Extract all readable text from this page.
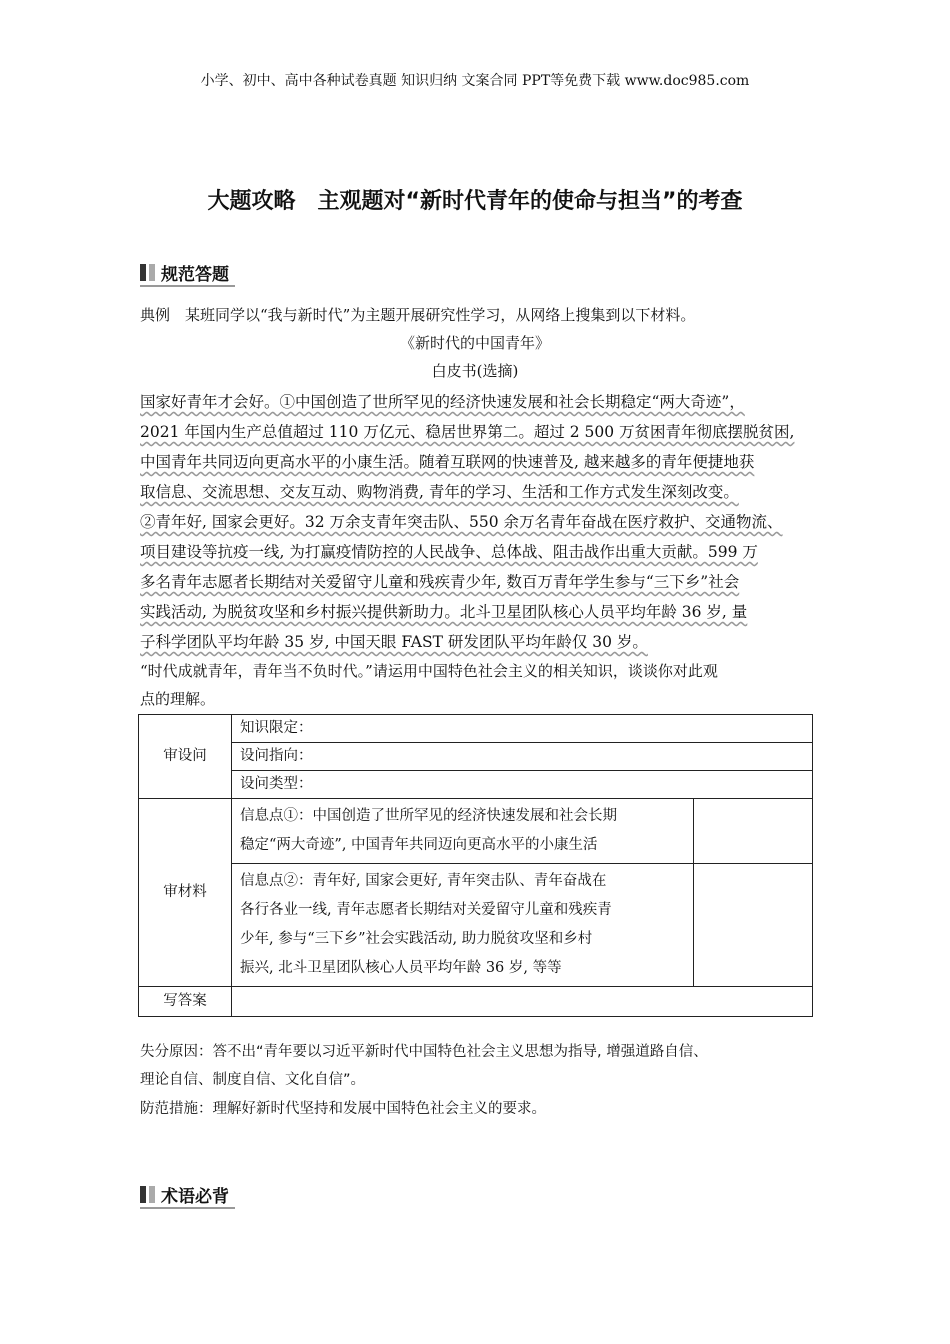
小学、初中、高中各种试卷真题 知识归纳 文案合同 PPT等免费下载 www.doc985.com
大题攻略　主观题对“新时代青年的使命与担当”的考查
规范答题
典例　某班同学以“我与新时代”为主题开展研究性学习，从网络上搜集到以下材料。
《新时代的中国青年》
白皮书(选摘)
国家好青年才会好。①中国创造了世所罕见的经济快速发展和社会长期稳定“两大奇迹”，
2021 年国内生产总值超过 110 万亿元、稳居世界第二。超过 2 500 万贫困青年彻底摆脱贫困,
中国青年共同迈向更高水平的小康生活。随着互联网的快速普及, 越来越多的青年便捷地获
取信息、交流思想、交友互动、购物消费, 青年的学习、生活和工作方式发生深刻改变。
②青年好, 国家会更好。32 万余支青年突击队、550 余万名青年奋战在医疗救护、交通物流、
项目建设等抗疫一线, 为打赢疫情防控的人民战争、总体战、阻击战作出重大贡献。599 万
多名青年志愿者长期结对关爱留守儿童和残疾青少年, 数百万青年学生参与“三下乡”社会
实践活动, 为脱贫攻坚和乡村振兴提供新助力。北斗卫星团队核心人员平均年龄 36 岁, 量
子科学团队平均年龄 35 岁, 中国天眼 FAST 研发团队平均年龄仅 30 岁。
“时代成就青年，青年当不负时代。”请运用中国特色社会主义的相关知识，谈谈你对此观
点的理解。
审设问	知识限定：	
	设问指向：	
	设问类型：	
审材料	信息点①：中国创造了世所罕见的经济快速发展和社会长期
稳定“两大奇迹”, 中国青年共同迈向更高水平的小康生活	

	信息点②：青年好, 国家会更好, 青年突击队、青年奋战在
各行各业一线, 青年志愿者长期结对关爱留守儿童和残疾青
少年, 参与“三下乡”社会实践活动, 助力脱贫攻坚和乡村
振兴, 北斗卫星团队核心人员平均年龄 36 岁, 等等	

写答案		
失分原因：答不出“青年要以习近平新时代中国特色社会主义思想为指导, 增强道路自信、
理论自信、制度自信、文化自信”。
防范措施：理解好新时代坚持和发展中国特色社会主义的要求。
术语必背
